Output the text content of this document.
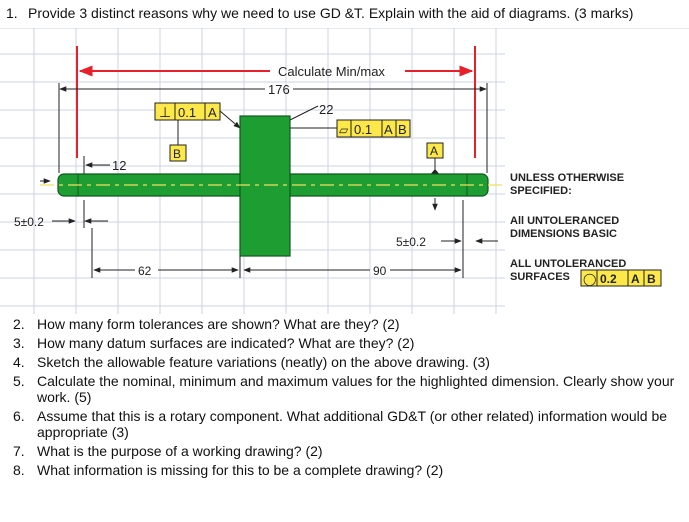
1. Provide 3 distinct reasons why we need to use GD &T. Explain with the aid of diagrams. (3 marks)
Calculate Min/max
176
22
⊥ 0.1 A
▱ 0.1 A B
A
B
12
5±0.2
5±0.2
62	90
UNLESS OTHERWISE
SPECIFIED:
All UNTOLERANCED
DIMENSIONS BASIC
ALL UNTOLERANCED
SURFACES ◯ 0.2 A B
2. How many form tolerances are shown? What are they? (2)
3. How many datum surfaces are indicated? What are they? (2)
4. Sketch the allowable feature variations (neatly) on the above drawing. (3)
5. Calculate the nominal, minimum and maximum values for the highlighted dimension. Clearly show your work. (5)
6. Assume that this is a rotary component. What additional GD&T (or other related) information would be appropriate (3)
7. What is the purpose of a working drawing? (2)
8. What information is missing for this to be a complete drawing? (2)
